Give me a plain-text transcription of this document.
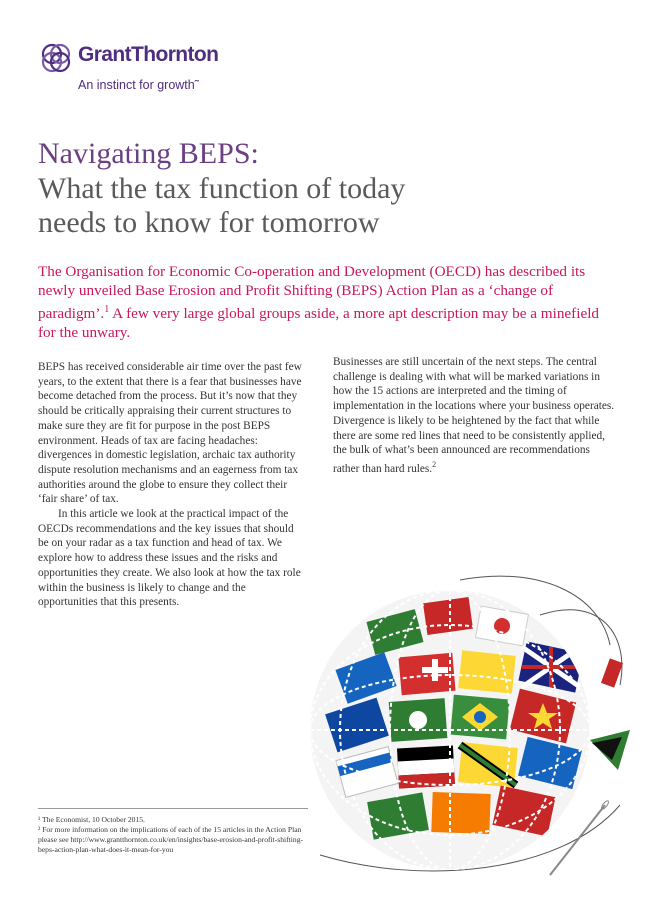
GrantThornton
An instinct for growth˜
Navigating BEPS:
What the tax function of today
needs to know for tomorrow

The Organisation for Economic Co-operation and Development (OECD) has described its newly unveiled Base Erosion and Profit Shifting (BEPS) Action Plan as a ‘change of paradigm’.$^1$ A few very large global groups aside, a more apt description may be a minefield for the unwary.

BEPS has received considerable air time over the past few years, to the extent that there is a fear that businesses have become detached from the process. But it’s now that they should be critically appraising their current structures to make sure they are fit for purpose in the post BEPS environment. Heads of tax are facing headaches: divergences in domestic legislation, archaic tax authority dispute resolution mechanisms and an eagerness from tax authorities around the globe to ensure they collect their ‘fair share’ of tax.

In this article we look at the practical impact of the OECDs recommendations and the key issues that should be on your radar as a tax function and head of tax. We explore how to address these issues and the risks and opportunities they create. We also look at how the tax role within the business is likely to change and the opportunities that this presents.

Businesses are still uncertain of the next steps. The central challenge is dealing with what will be marked variations in how the 15 actions are interpreted and the timing of implementation in the locations where your business operates. Divergence is likely to be heightened by the fact that while there are some red lines that need to be consistently applied, the bulk of what’s been announced are recommendations rather than hard rules.$^2$

¹ The Economist, 10 October 2015.

² For more information on the implications of each of the 15 articles in the Action Plan please see http://www.grantthornton.co.uk/en/insights/base-erosion-and-profit-shifting-beps-action-plan-what-does-it-mean-for-you
